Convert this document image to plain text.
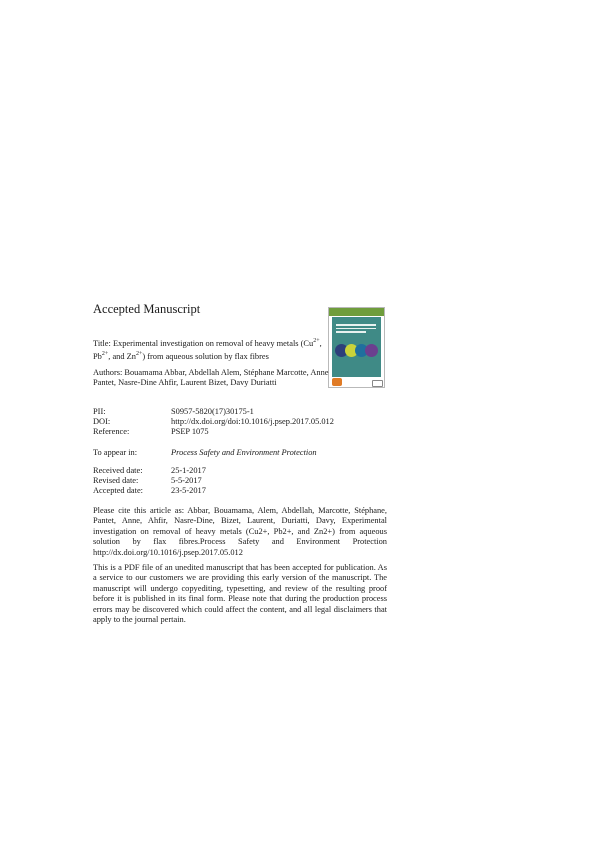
Accepted Manuscript

Title: Experimental investigation on removal of heavy metals ($Cu^{2+}$, $Pb^{2+}$, and $Zn^{2+}$) from aqueous solution by flax fibres

Authors: Bouamama Abbar, Abdellah Alem, Stéphane Marcotte, Anne Pantet, Nasre-Dine Ahfir, Laurent Bizet, Davy Duriatti

PII:	S0957-5820(17)30175-1
DOI:	http://dx.doi.org/doi:10.1016/j.psep.2017.05.012
Reference:	PSEP 1075
To appear in:	Process Safety and Environment Protection
Received date:	25-1-2017
Revised date:	5-5-2017
Accepted date:	23-5-2017

Please cite this article as: Abbar, Bouamama, Alem, Abdellah, Marcotte, Stéphane, Pantet, Anne, Ahfir, Nasre-Dine, Bizet, Laurent, Duriatti, Davy, Experimental investigation on removal of heavy metals (Cu2+, Pb2+, and Zn2+) from aqueous solution by flax fibres.Process Safety and Environment Protection http://dx.doi.org/10.1016/j.psep.2017.05.012

This is a PDF file of an unedited manuscript that has been accepted for publication. As a service to our customers we are providing this early version of the manuscript. The manuscript will undergo copyediting, typesetting, and review of the resulting proof before it is published in its final form. Please note that during the production process errors may be discovered which could affect the content, and all legal disclaimers that apply to the journal pertain.
